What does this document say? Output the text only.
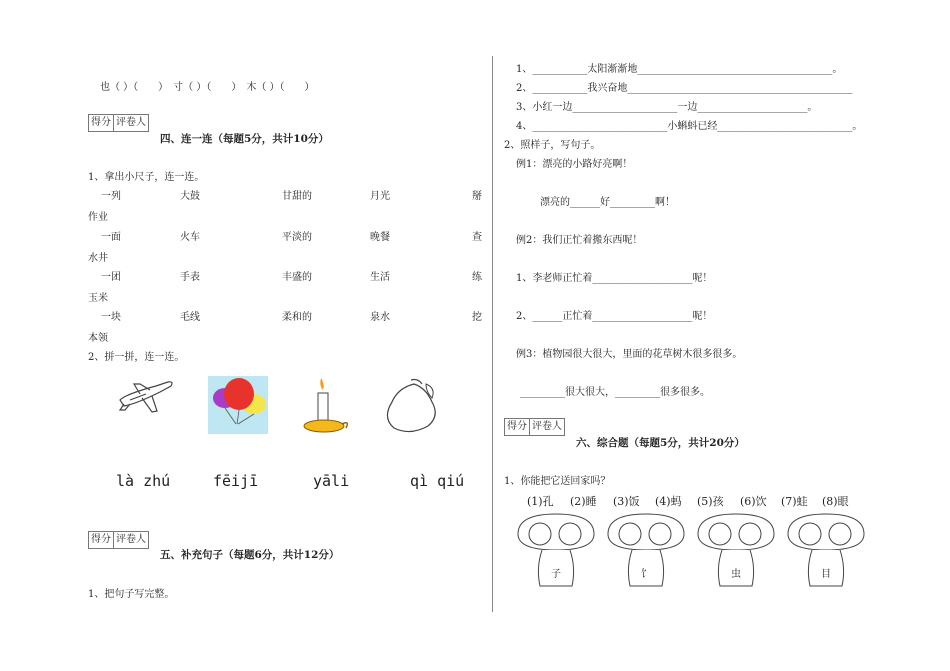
也（ ）（　　）　寸（ ）（　　）　木（ ）（　　）
得分 评卷人
四、连一连（每题5分，共计10分）
1、拿出小尺子，连一连。
一列	大鼓	甘甜的	月光	掰
作业
一面	火车	平淡的	晚餐	查
水井
一团	手表	丰盛的	生活	练
玉米
一块	毛线	柔和的	泉水	挖
本领
2、拼一拼，连一连。
là zhú	fēijī	yāli	qì qiú
得分 评卷人
五、补充句子（每题6分，共计12分）
1、把句子写完整。
1、___________太阳渐渐地_______________________________________。
2、___________我兴奋地_____________________________________________
3、小红一边_____________________一边______________________。
4、___________________________小蝌蚪已经___________________________。
2、照样子，写句子。
例1：漂亮的小路好亮啊！
漂亮的______好_________啊！
例2：我们正忙着搬东西呢！
1、李老师正忙着____________________呢！
2、______正忙着____________________呢！
例3：植物园很大很大，里面的花草树木很多很多。
_________很大很大，_________很多很多。
得分 评卷人
六、综合题（每题5分，共计20分）
1、你能把它送回家吗？
(1)孔 (2)睡 (3)饭 (4)蚂 (5)孩 (6)饮 (7)蛙 (8)眼
子	饣	虫	目
